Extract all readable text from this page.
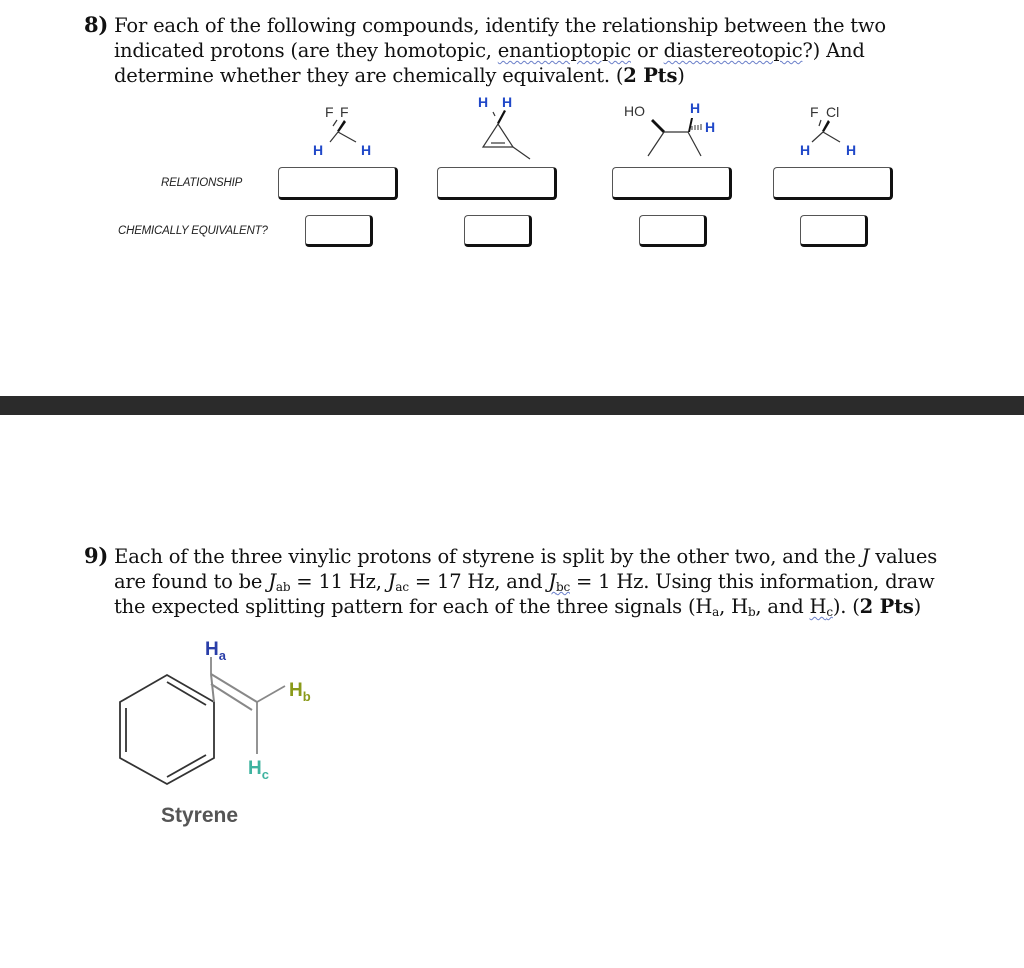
8) For each of the following compounds, identify the relationship between the two
indicated protons (are they homotopic, enantioptopic or diastereotopic?) And
determine whether they are chemically equivalent. (2 Pts)
F F
H	H
H H
HO	H
H
F Cl
H	H
RELATIONSHIP
CHEMICALLY EQUIVALENT?
9) Each of the three vinylic protons of styrene is split by the other two, and the J values
are found to be $J_{ab} = 11$ Hz, $J_{ac} = 17$ Hz, and $J_{bc} = 1$ Hz. Using this information, draw
the expected splitting pattern for each of the three signals ($H_a$, $H_b$, and $H_c$). (2 Pts)
$H_a$
$H_b$
$H_c$
Styrene
